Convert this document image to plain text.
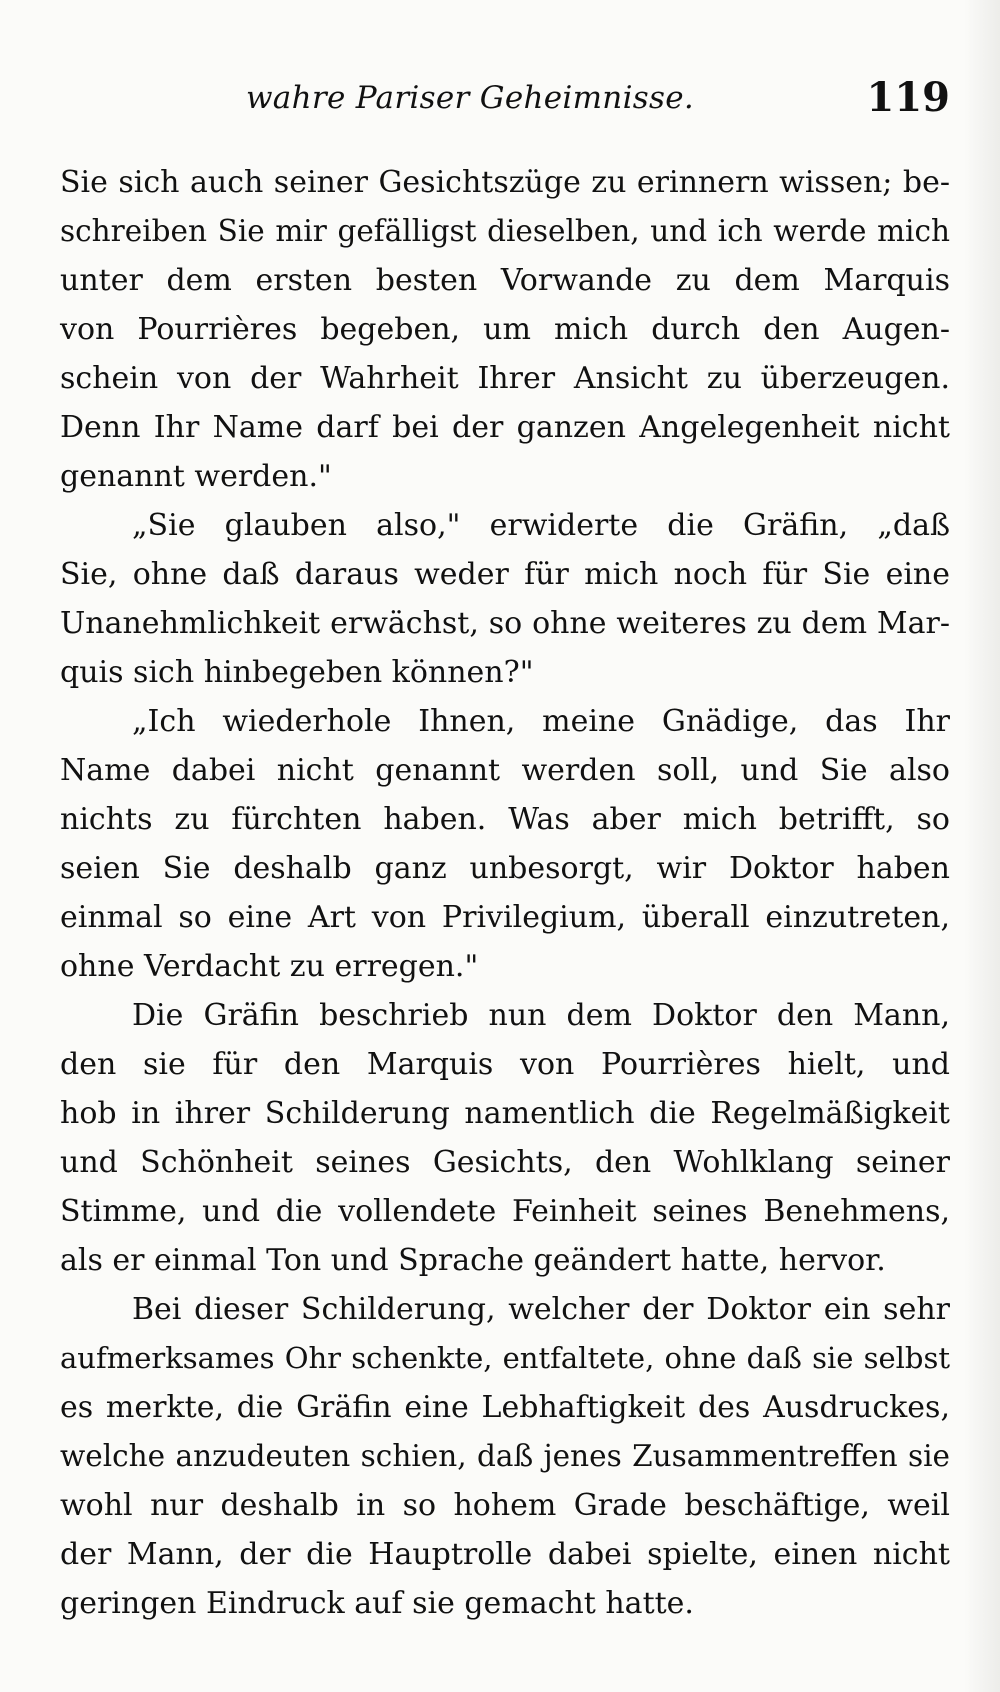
wahre Pariser Geheimnisse.	119
Sie sich auch seiner Gesichtszüge zu erinnern wissen; be-
schreiben Sie mir gefälligst dieselben, und ich werde mich
unter dem ersten besten Vorwande zu dem Marquis
von Pourrières begeben, um mich durch den Augen-
schein von der Wahrheit Ihrer Ansicht zu überzeugen.
Denn Ihr Name darf bei der ganzen Angelegenheit nicht
genannt werden."
„Sie glauben also," erwiderte die Gräfin, „daß
Sie, ohne daß daraus weder für mich noch für Sie eine
Unanehmlichkeit erwächst, so ohne weiteres zu dem Mar-
quis sich hinbegeben können?"
„Ich wiederhole Ihnen, meine Gnädige, das Ihr
Name dabei nicht genannt werden soll, und Sie also
nichts zu fürchten haben. Was aber mich betrifft, so
seien Sie deshalb ganz unbesorgt, wir Doktor haben
einmal so eine Art von Privilegium, überall einzutreten,
ohne Verdacht zu erregen."
Die Gräfin beschrieb nun dem Doktor den Mann,
den sie für den Marquis von Pourrières hielt, und
hob in ihrer Schilderung namentlich die Regelmäßigkeit
und Schönheit seines Gesichts, den Wohlklang seiner
Stimme, und die vollendete Feinheit seines Benehmens,
als er einmal Ton und Sprache geändert hatte, hervor.
Bei dieser Schilderung, welcher der Doktor ein sehr
aufmerksames Ohr schenkte, entfaltete, ohne daß sie selbst
es merkte, die Gräfin eine Lebhaftigkeit des Ausdruckes,
welche anzudeuten schien, daß jenes Zusammentreffen sie
wohl nur deshalb in so hohem Grade beschäftige, weil
der Mann, der die Hauptrolle dabei spielte, einen nicht
geringen Eindruck auf sie gemacht hatte.
